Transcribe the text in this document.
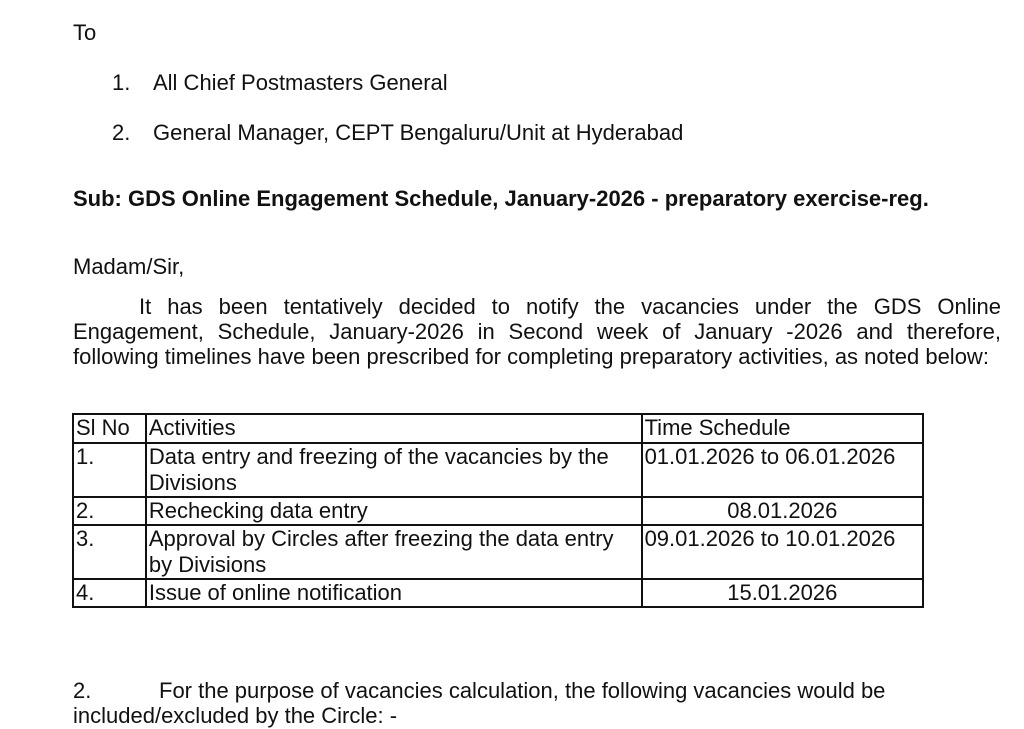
To
1. All Chief Postmasters General
2. General Manager, CEPT Bengaluru/Unit at Hyderabad
Sub: GDS Online Engagement Schedule, January-2026 - preparatory exercise-reg.
Madam/Sir,
It has been tentatively decided to notify the vacancies under the GDS Online Engagement, Schedule, January-2026 in Second week of January -2026 and therefore, following timelines have been prescribed for completing preparatory activities, as noted below:
Sl No	Activities	Time Schedule
1.	Data entry and freezing of the vacancies by the Divisions	01.01.2026 to 06.01.2026
2.	Rechecking data entry	08.01.2026
3.	Approval by Circles after freezing the data entry by Divisions	09.01.2026 to 10.01.2026
4.	Issue of online notification	15.01.2026
2.	For the purpose of vacancies calculation, the following vacancies would be included/excluded by the Circle: -
